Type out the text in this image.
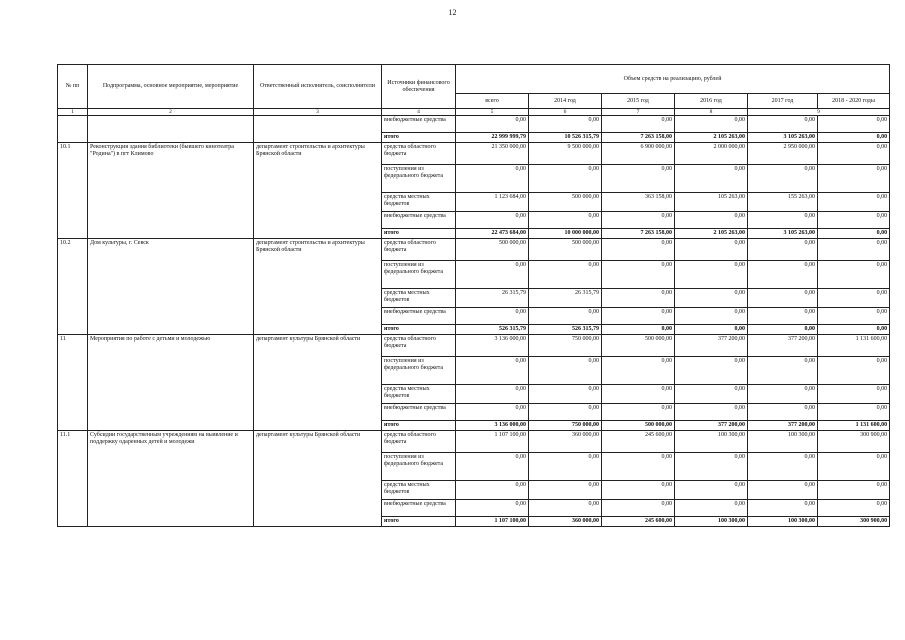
12
№ пп	Подпрограмма, основное мероприятие, мероприятие	Ответственный исполнитель, соисполнители	Источники финансового обеспечения	Объем средств на реализацию, рублей					
				всего	2014 год	2015 год	2016 год	2017 год	2018 - 2020 годы
1	2	3	4	5	6	7	8	9	
			внебюджетные средства	0,00	0,00	0,00	0,00	0,00	0,00
			итого	22 999 999,79	10 526 315,79	7 263 158,00	2 105 263,00	3 105 263,00	0,00
10.1	Реконструкция здания библиотеки (бывшего кинотеатра "Родина") в пгт Климово	департамент строительства и архитектуры Брянской области	средства областного бюджета	21 350 000,00	9 500 000,00	6 900 000,00	2 000 000,00	2 950 000,00	0,00
			поступления из федерального бюджета	0,00	0,00	0,00	0,00	0,00	0,00
			средства местных бюджетов	1 123 684,00	500 000,00	363 158,00	105 263,00	155 263,00	0,00
			внебюджетные средства	0,00	0,00	0,00	0,00	0,00	0,00
			итого	22 473 684,00	10 000 000,00	7 263 158,00	2 105 263,00	3 105 263,00	0,00
10.2	Дом культуры, г. Севск	департамент строительства и архитектуры Брянской области	средства областного бюджета	500 000,00	500 000,00	0,00	0,00	0,00	0,00
			поступления из федерального бюджета	0,00	0,00	0,00	0,00	0,00	0,00
			средства местных бюджетов	26 315,79	26 315,79	0,00	0,00	0,00	0,00
			внебюджетные средства	0,00	0,00	0,00	0,00	0,00	0,00
			итого	526 315,79	526 315,79	0,00	0,00	0,00	0,00
11	Мероприятия по работе с детьми и молодежью	департамент культуры Брянской области	средства областного бюджета	3 136 000,00	750 000,00	500 000,00	377 200,00	377 200,00	1 131 600,00
			поступления из федерального бюджета	0,00	0,00	0,00	0,00	0,00	0,00
			средства местных бюджетов	0,00	0,00	0,00	0,00	0,00	0,00
			внебюджетные средства	0,00	0,00	0,00	0,00	0,00	0,00
			итого	3 136 000,00	750 000,00	500 000,00	377 200,00	377 200,00	1 131 600,00
11.1	Субсидии государственным учреждениям на выявление и поддержку одаренных детей и молодежи	департамент культуры Брянской области	средства областного бюджета	1 107 100,00	360 000,00	245 600,00	100 300,00	100 300,00	300 900,00
			поступления из федерального бюджета	0,00	0,00	0,00	0,00	0,00	0,00
			средства местных бюджетов	0,00	0,00	0,00	0,00	0,00	0,00
			внебюджетные средства	0,00	0,00	0,00	0,00	0,00	0,00
			итого	1 107 100,00	360 000,00	245 600,00	100 300,00	100 300,00	300 900,00
